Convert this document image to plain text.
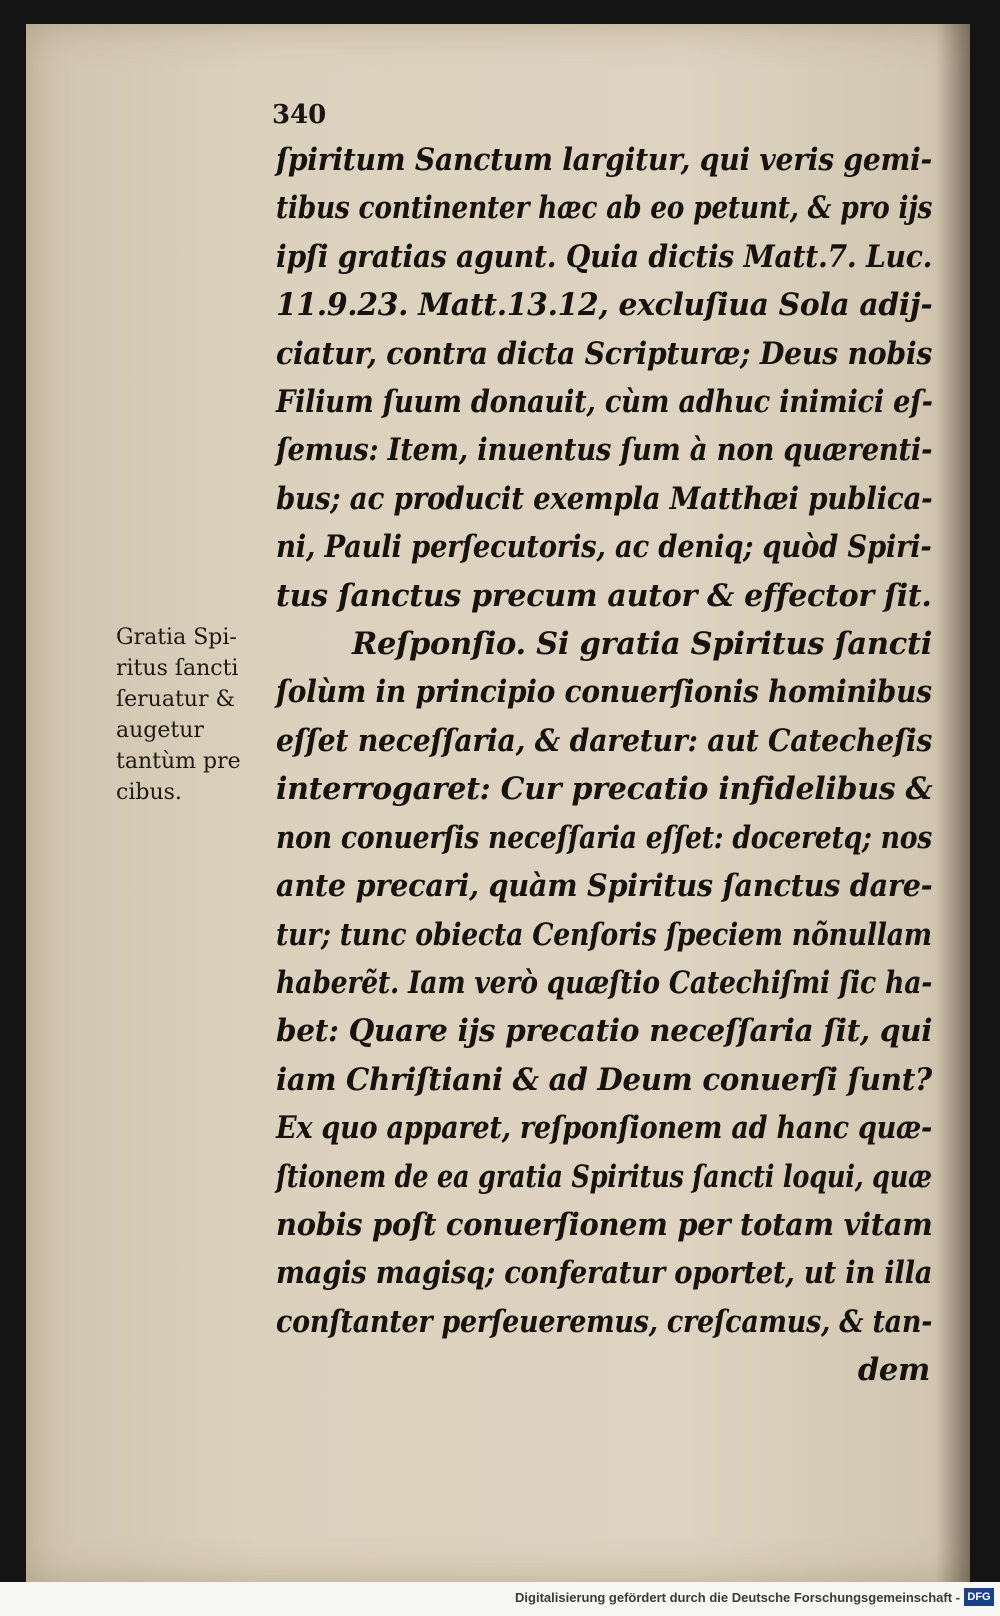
340
Gratia Spi-
ritus ſancti
ſeruatur &
augetur
tantùm pre
cibus.
ſpiritum Sanctum largitur, qui veris gemi-
tibus continenter hæc ab eo petunt, & pro ijs
ipſi gratias agunt. Quia dictis Matt.7. Luc.
11.9.23. Matt.13.12, excluſiua Sola adij-
ciatur, contra dicta Scripturæ; Deus nobis
Filium ſuum donauit, cùm adhuc inimici eſ-
ſemus: Item, inuentus ſum à non quærenti-
bus; ac producit exempla Matthæi publica-
ni, Pauli perſecutoris, ac deniq; quòd Spiri-
tus ſanctus precum autor & effector ſit.
Reſponſio. Si gratia Spiritus ſancti
ſolùm in principio conuerſionis hominibus
eſſet neceſſaria, & daretur: aut Catecheſis
interrogaret: Cur precatio infidelibus &
non conuerſis neceſſaria eſſet: doceretq; nos
ante precari, quàm Spiritus ſanctus dare-
tur; tunc obiecta Cenſoris ſpeciem nõnullam
haberẽt. Iam verò quæſtio Catechiſmi ſic ha-
bet: Quare ijs precatio neceſſaria ſit, qui
iam Chriſtiani & ad Deum conuerſi ſunt?
Ex quo apparet, reſponſionem ad hanc quæ-
ſtionem de ea gratia Spiritus ſancti loqui, quæ
nobis poſt conuerſionem per totam vitam
magis magisq; conferatur oportet, ut in illa
conſtanter perſeueremus, creſcamus, & tan-
dem
Digitalisierung gefördert durch die Deutsche Forschungsgemeinschaft - DFG
